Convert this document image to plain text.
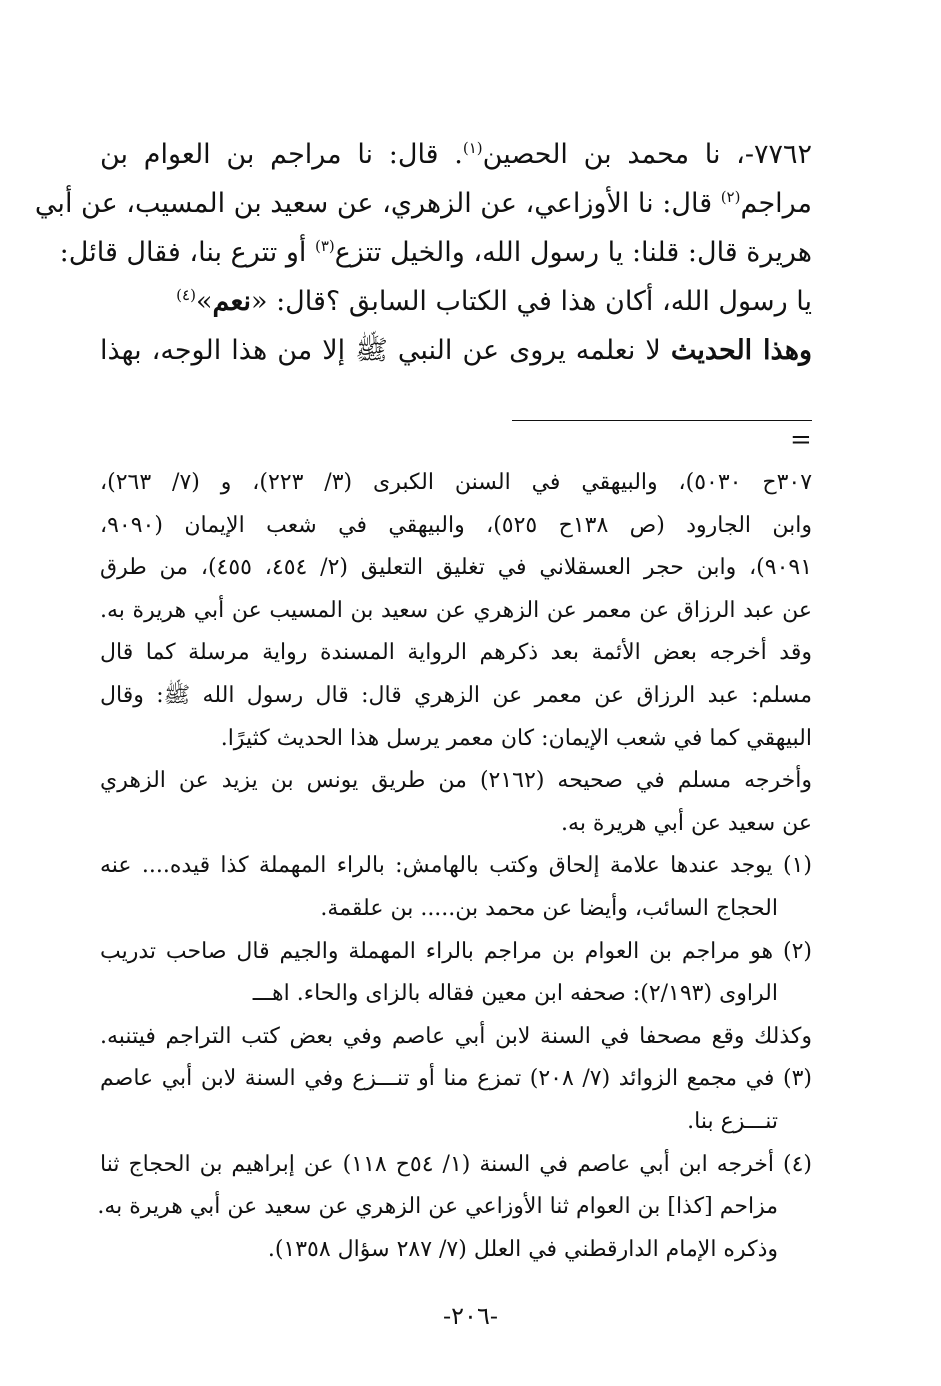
٧٧٦٢-، نا محمد بن الحصين$^{(١)}$. قال: نا مراجم بن العوام بن
مراجم$^{(٢)}$ قال: نا الأوزاعي، عن الزهري، عن سعيد بن المسيب، عن أبي
هريرة قال: قلنا: يا رسول الله، والخيل تتزع$^{(٣)}$ أو تترع بنا، فقال قائل:
يا رسول الله، أكان هذا في الكتاب السابق ؟قال: «نعم»$^{(٤)}$
وهذا الحديث لا نعلمه يروى عن النبي ﷺ إلا من هذا الوجه، بهذا
=
٣٠٧ح ٥٠٣٠)، والبيهقي في السنن الكبرى (٣/ ٢٢٣)، و (٧/ ٢٦٣)،
وابن الجارود (ص ١٣٨ح ٥٢٥)، والبيهقي في شعب الإيمان (٩٠٩٠،
٩٠٩١)، وابن حجر العسقلاني في تغليق التعليق (٢/ ٤٥٤، ٤٥٥)، من طرق
عن عبد الرزاق عن معمر عن الزهري عن سعيد بن المسيب عن أبي هريرة به.
وقد أخرجه بعض الأئمة بعد ذكرهم الرواية المسندة رواية مرسلة كما قال
مسلم: عبد الرزاق عن معمر عن الزهري قال: قال رسول الله ﷺ: وقال
البيهقي كما في شعب الإيمان: كان معمر يرسل هذا الحديث كثيرًا.
وأخرجه مسلم في صحيحه (٢١٦٢) من طريق يونس بن يزيد عن الزهري
عن سعيد عن أبي هريرة به.
(١) يوجد عندها علامة إلحاق وكتب بالهامش: بالراء المهملة كذا قيده.... عنه
الحجاج السائب، وأيضا عن محمد بن..... بن علقمة.
(٢) هو مراجم بن العوام بن مراجم بالراء المهملة والجيم قال صاحب تدريب
الراوى (٢/١٩٣): صحفه ابن معين فقاله بالزاى والحاء. اهـــ
وكذلك وقع مصحفا في السنة لابن أبي عاصم وفي بعض كتب التراجم فيتنبه.
(٣) في مجمع الزوائد (٧/ ٢٠٨) تمزع منا أو تنـــزع وفي السنة لابن أبي عاصم
تنـــزع بنا.
(٤) أخرجه ابن أبي عاصم في السنة (١/ ٥٤ح ١١٨) عن إبراهيم بن الحجاج ثنا
مزاحم [كذا] بن العوام ثنا الأوزاعي عن الزهري عن سعيد عن أبي هريرة به.
وذكره الإمام الدارقطني في العلل (٧/ ٢٨٧ سؤال ١٣٥٨).
-٢٠٦-
